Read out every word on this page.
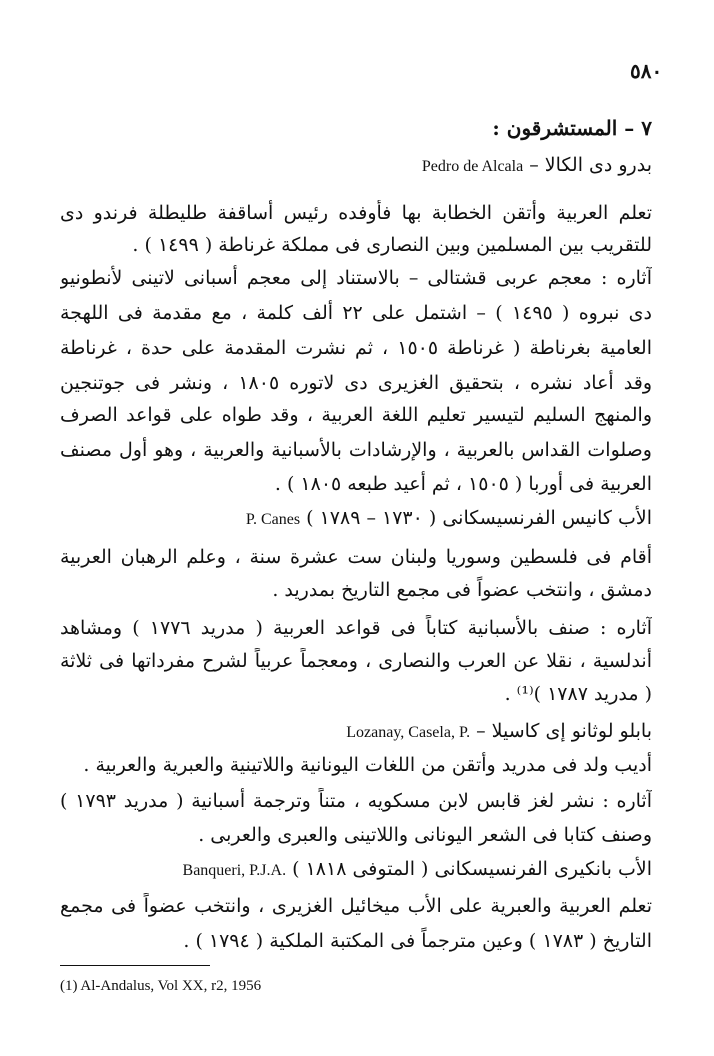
٥٨٠
٧ – المستشرقون :
بدرو دى الكالا – Pedro de Alcala
تعلم العربية وأتقن الخطابة بها فأوفده رئيس أساقفة طليطلة فرندو دى
للتقريب بين المسلمين وبين النصارى فى مملكة غرناطة ( ١٤٩٩ ) .
آثاره : معجم عربى قشتالى – بالاستناد إلى معجم أسبانى لاتينى لأنطونيو
دى نبروه ( ١٤٩٥ ) – اشتمل على ٢٢ ألف كلمة ، مع مقدمة فى اللهجة
العامية بغرناطة ( غرناطة ١٥٠٥ ، ثم نشرت المقدمة على حدة ، غرناطة
وقد أعاد نشره ، بتحقيق الغزيرى دى لاتوره ١٨٠٥ ، ونشر فى جوتنجين
والمنهج السليم لتيسير تعليم اللغة العربية ، وقد طواه على قواعد الصرف
وصلوات القداس بالعربية ، والإرشادات بالأسبانية والعربية ، وهو أول مصنف
العربية فى أوربا ( ١٥٠٥ ، ثم أعيد طبعه ١٨٠٥ ) .
الأب كانيس الفرنسيسكانى ( ١٧٣٠ – ١٧٨٩ ) P. Canes
أقام فى فلسطين وسوريا ولبنان ست عشرة سنة ، وعلم الرهبان العربية
دمشق ، وانتخب عضواً فى مجمع التاريخ بمدريد .
آثاره : صنف بالأسبانية كتاباً فى قواعد العربية ( مدريد ١٧٧٦ ) ومشاهد
أندلسية ، نقلا عن العرب والنصارى ، ومعجماً عربياً لشرح مفرداتها فى ثلاثة
( مدريد ١٧٨٧ )⁽¹⁾ .
بابلو لوثانو إى كاسيلا – Lozanay, Casela, P.
أديب ولد فى مدريد وأتقن من اللغات اليونانية واللاتينية والعبرية والعربية .
آثاره : نشر لغز قابس لابن مسكويه ، متناً وترجمة أسبانية ( مدريد ١٧٩٣ )
وصنف كتابا فى الشعر اليونانى واللاتينى والعبرى والعربى .
الأب بانكيرى الفرنسيسكانى ( المتوفى ١٨١٨ ) Banqueri, P.J.A.
تعلم العربية والعبرية على الأب ميخائيل الغزيرى ، وانتخب عضواً فى مجمع
التاريخ ( ١٧٨٣ ) وعين مترجماً فى المكتبة الملكية ( ١٧٩٤ ) .
(1) Al-Andalus, Vol XX, r2, 1956
